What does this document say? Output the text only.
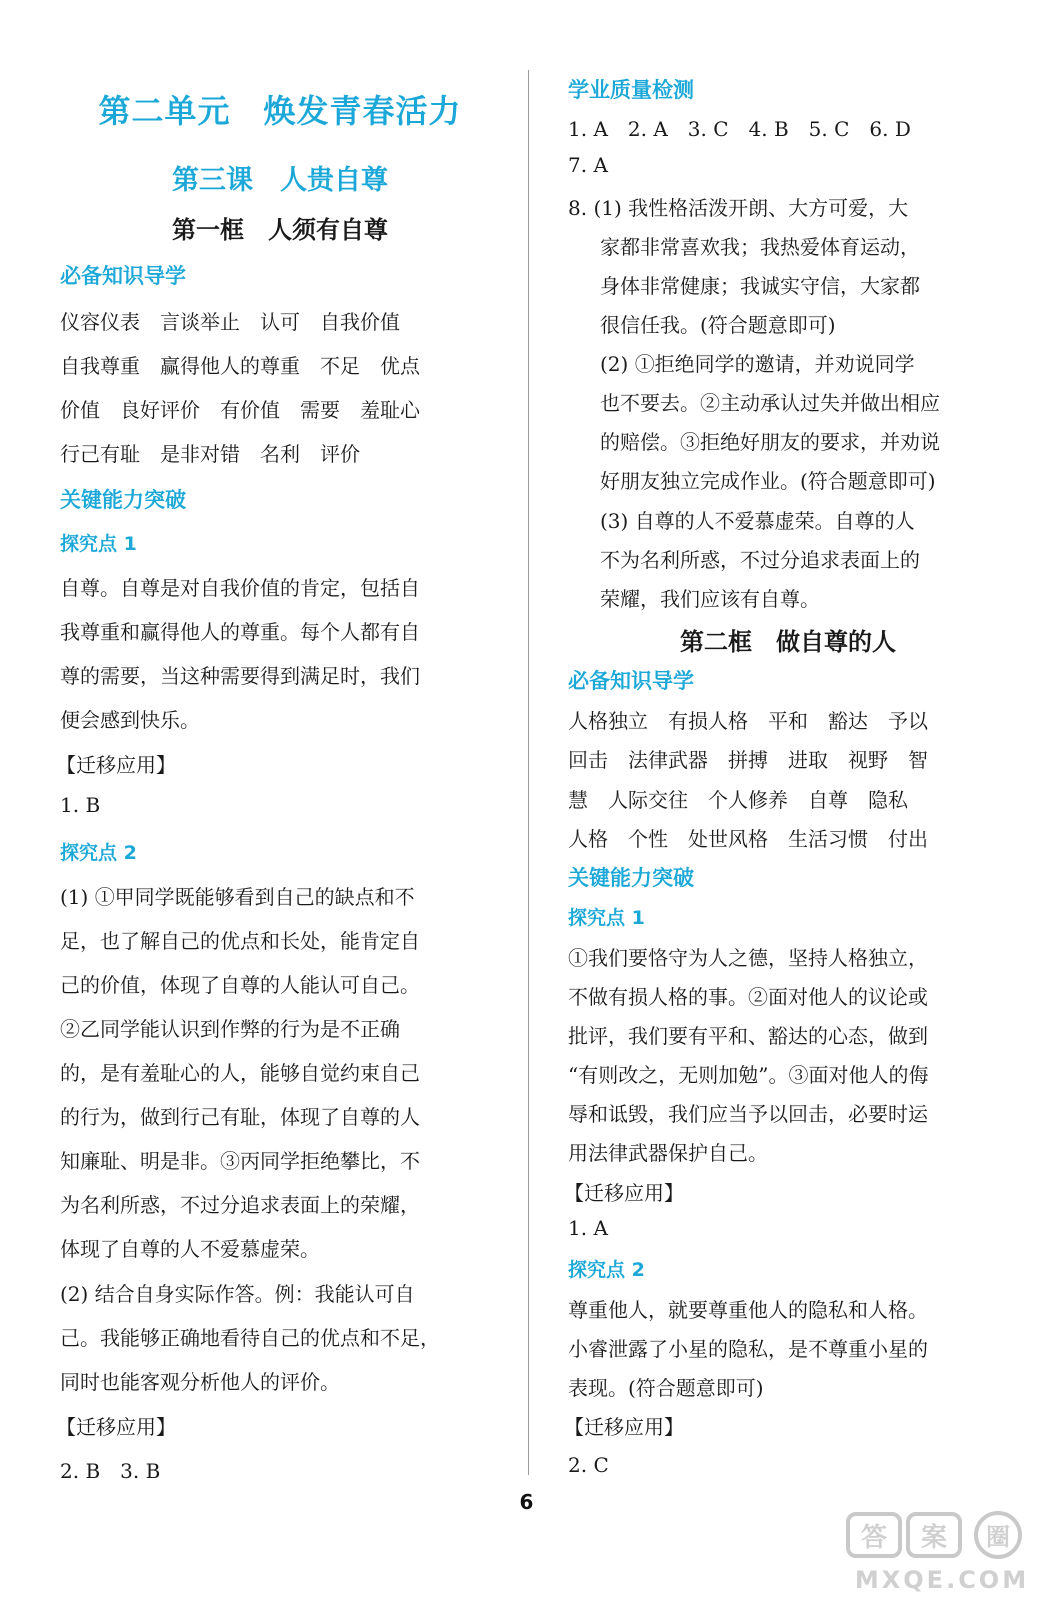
第二单元　焕发青春活力
第三课　人贵自尊
第一框　人须有自尊
必备知识导学
仪容仪表　言谈举止　认可　自我价值
自我尊重　赢得他人的尊重　不足　优点
价值　良好评价　有价值　需要　羞耻心
行己有耻　是非对错　名利　评价
关键能力突破
探究点 1
自尊。自尊是对自我价值的肯定，包括自
我尊重和赢得他人的尊重。每个人都有自
尊的需要，当这种需要得到满足时，我们
便会感到快乐。
【迁移应用】
1. B
探究点 2
(1) ①甲同学既能够看到自己的缺点和不
足，也了解自己的优点和长处，能肯定自
己的价值，体现了自尊的人能认可自己。
②乙同学能认识到作弊的行为是不正确
的，是有羞耻心的人，能够自觉约束自己
的行为，做到行己有耻，体现了自尊的人
知廉耻、明是非。③丙同学拒绝攀比，不
为名利所惑，不过分追求表面上的荣耀，
体现了自尊的人不爱慕虚荣。
(2) 结合自身实际作答。例：我能认可自
己。我能够正确地看待自己的优点和不足，
同时也能客观分析他人的评价。
【迁移应用】
2. B　3. B
学业质量检测
1. A　2. A　3. C　4. B　5. C　6. D
7. A
8. (1) 我性格活泼开朗、大方可爱，大
家都非常喜欢我；我热爱体育运动，
身体非常健康；我诚实守信，大家都
很信任我。(符合题意即可)
(2) ①拒绝同学的邀请，并劝说同学
也不要去。②主动承认过失并做出相应
的赔偿。③拒绝好朋友的要求，并劝说
好朋友独立完成作业。(符合题意即可)
(3) 自尊的人不爱慕虚荣。自尊的人
不为名利所惑，不过分追求表面上的
荣耀，我们应该有自尊。
第二框　做自尊的人
必备知识导学
人格独立　有损人格　平和　豁达　予以
回击　法律武器　拼搏　进取　视野　智
慧　人际交往　个人修养　自尊　隐私
人格　个性　处世风格　生活习惯　付出
关键能力突破
探究点 1
①我们要恪守为人之德，坚持人格独立，
不做有损人格的事。②面对他人的议论或
批评，我们要有平和、豁达的心态，做到
“有则改之，无则加勉”。③面对他人的侮
辱和诋毁，我们应当予以回击，必要时运
用法律武器保护自己。
【迁移应用】
1. A
探究点 2
尊重他人，就要尊重他人的隐私和人格。
小睿泄露了小星的隐私，是不尊重小星的
表现。(符合题意即可)
【迁移应用】
2. C
6
答 案 圈
MXQE.COM
